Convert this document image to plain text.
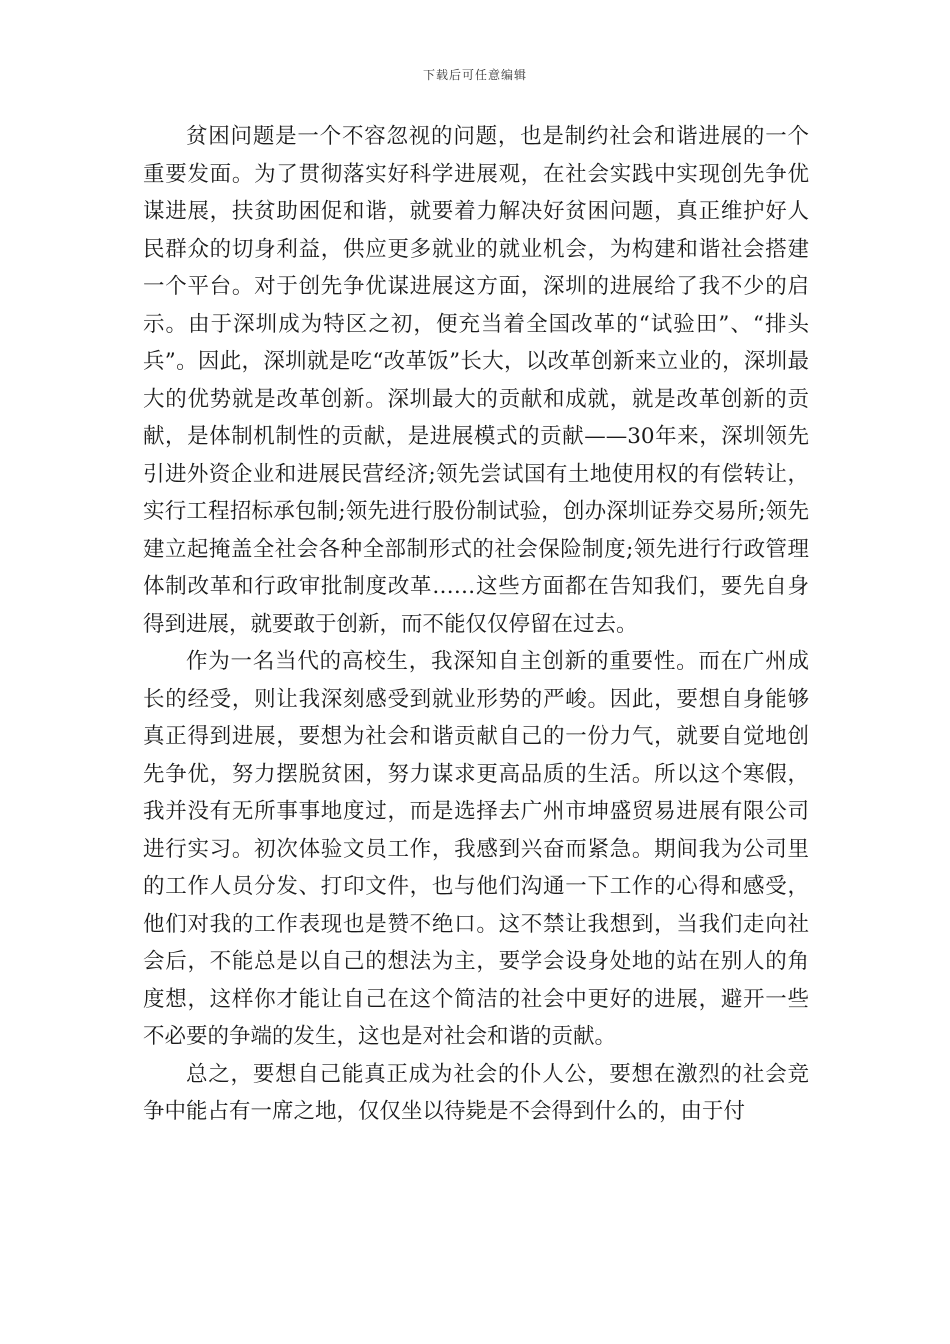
下载后可任意编辑

贫困问题是一个不容忽视的问题，也是制约社会和谐进展的一个重要发面。为了贯彻落实好科学进展观，在社会实践中实现创先争优谋进展，扶贫助困促和谐，就要着力解决好贫困问题，真正维护好人民群众的切身利益，供应更多就业的就业机会，为构建和谐社会搭建一个平台。对于创先争优谋进展这方面，深圳的进展给了我不少的启示。由于深圳成为特区之初，便充当着全国改革的“试验田”、“排头兵”。因此，深圳就是吃“改革饭”长大，以改革创新来立业的，深圳最大的优势就是改革创新。深圳最大的贡献和成就，就是改革创新的贡献，是体制机制性的贡献，是进展模式的贡献——30年来，深圳领先引进外资企业和进展民营经济;领先尝试国有土地使用权的有偿转让，实行工程招标承包制;领先进行股份制试验，创办深圳证券交易所;领先建立起掩盖全社会各种全部制形式的社会保险制度;领先进行行政管理体制改革和行政审批制度改革……这些方面都在告知我们，要先自身得到进展，就要敢于创新，而不能仅仅停留在过去。

作为一名当代的高校生，我深知自主创新的重要性。而在广州成长的经受，则让我深刻感受到就业形势的严峻。因此，要想自身能够真正得到进展，要想为社会和谐贡献自己的一份力气，就要自觉地创先争优，努力摆脱贫困，努力谋求更高品质的生活。所以这个寒假，我并没有无所事事地度过，而是选择去广州市坤盛贸易进展有限公司进行实习。初次体验文员工作，我感到兴奋而紧急。期间我为公司里的工作人员分发、打印文件，也与他们沟通一下工作的心得和感受，他们对我的工作表现也是赞不绝口。这不禁让我想到，当我们走向社会后，不能总是以自己的想法为主，要学会设身处地的站在别人的角度想，这样你才能让自己在这个简洁的社会中更好的进展，避开一些不必要的争端的发生，这也是对社会和谐的贡献。

总之，要想自己能真正成为社会的仆人公，要想在激烈的社会竞争中能占有一席之地，仅仅坐以待毙是不会得到什么的，由于付
